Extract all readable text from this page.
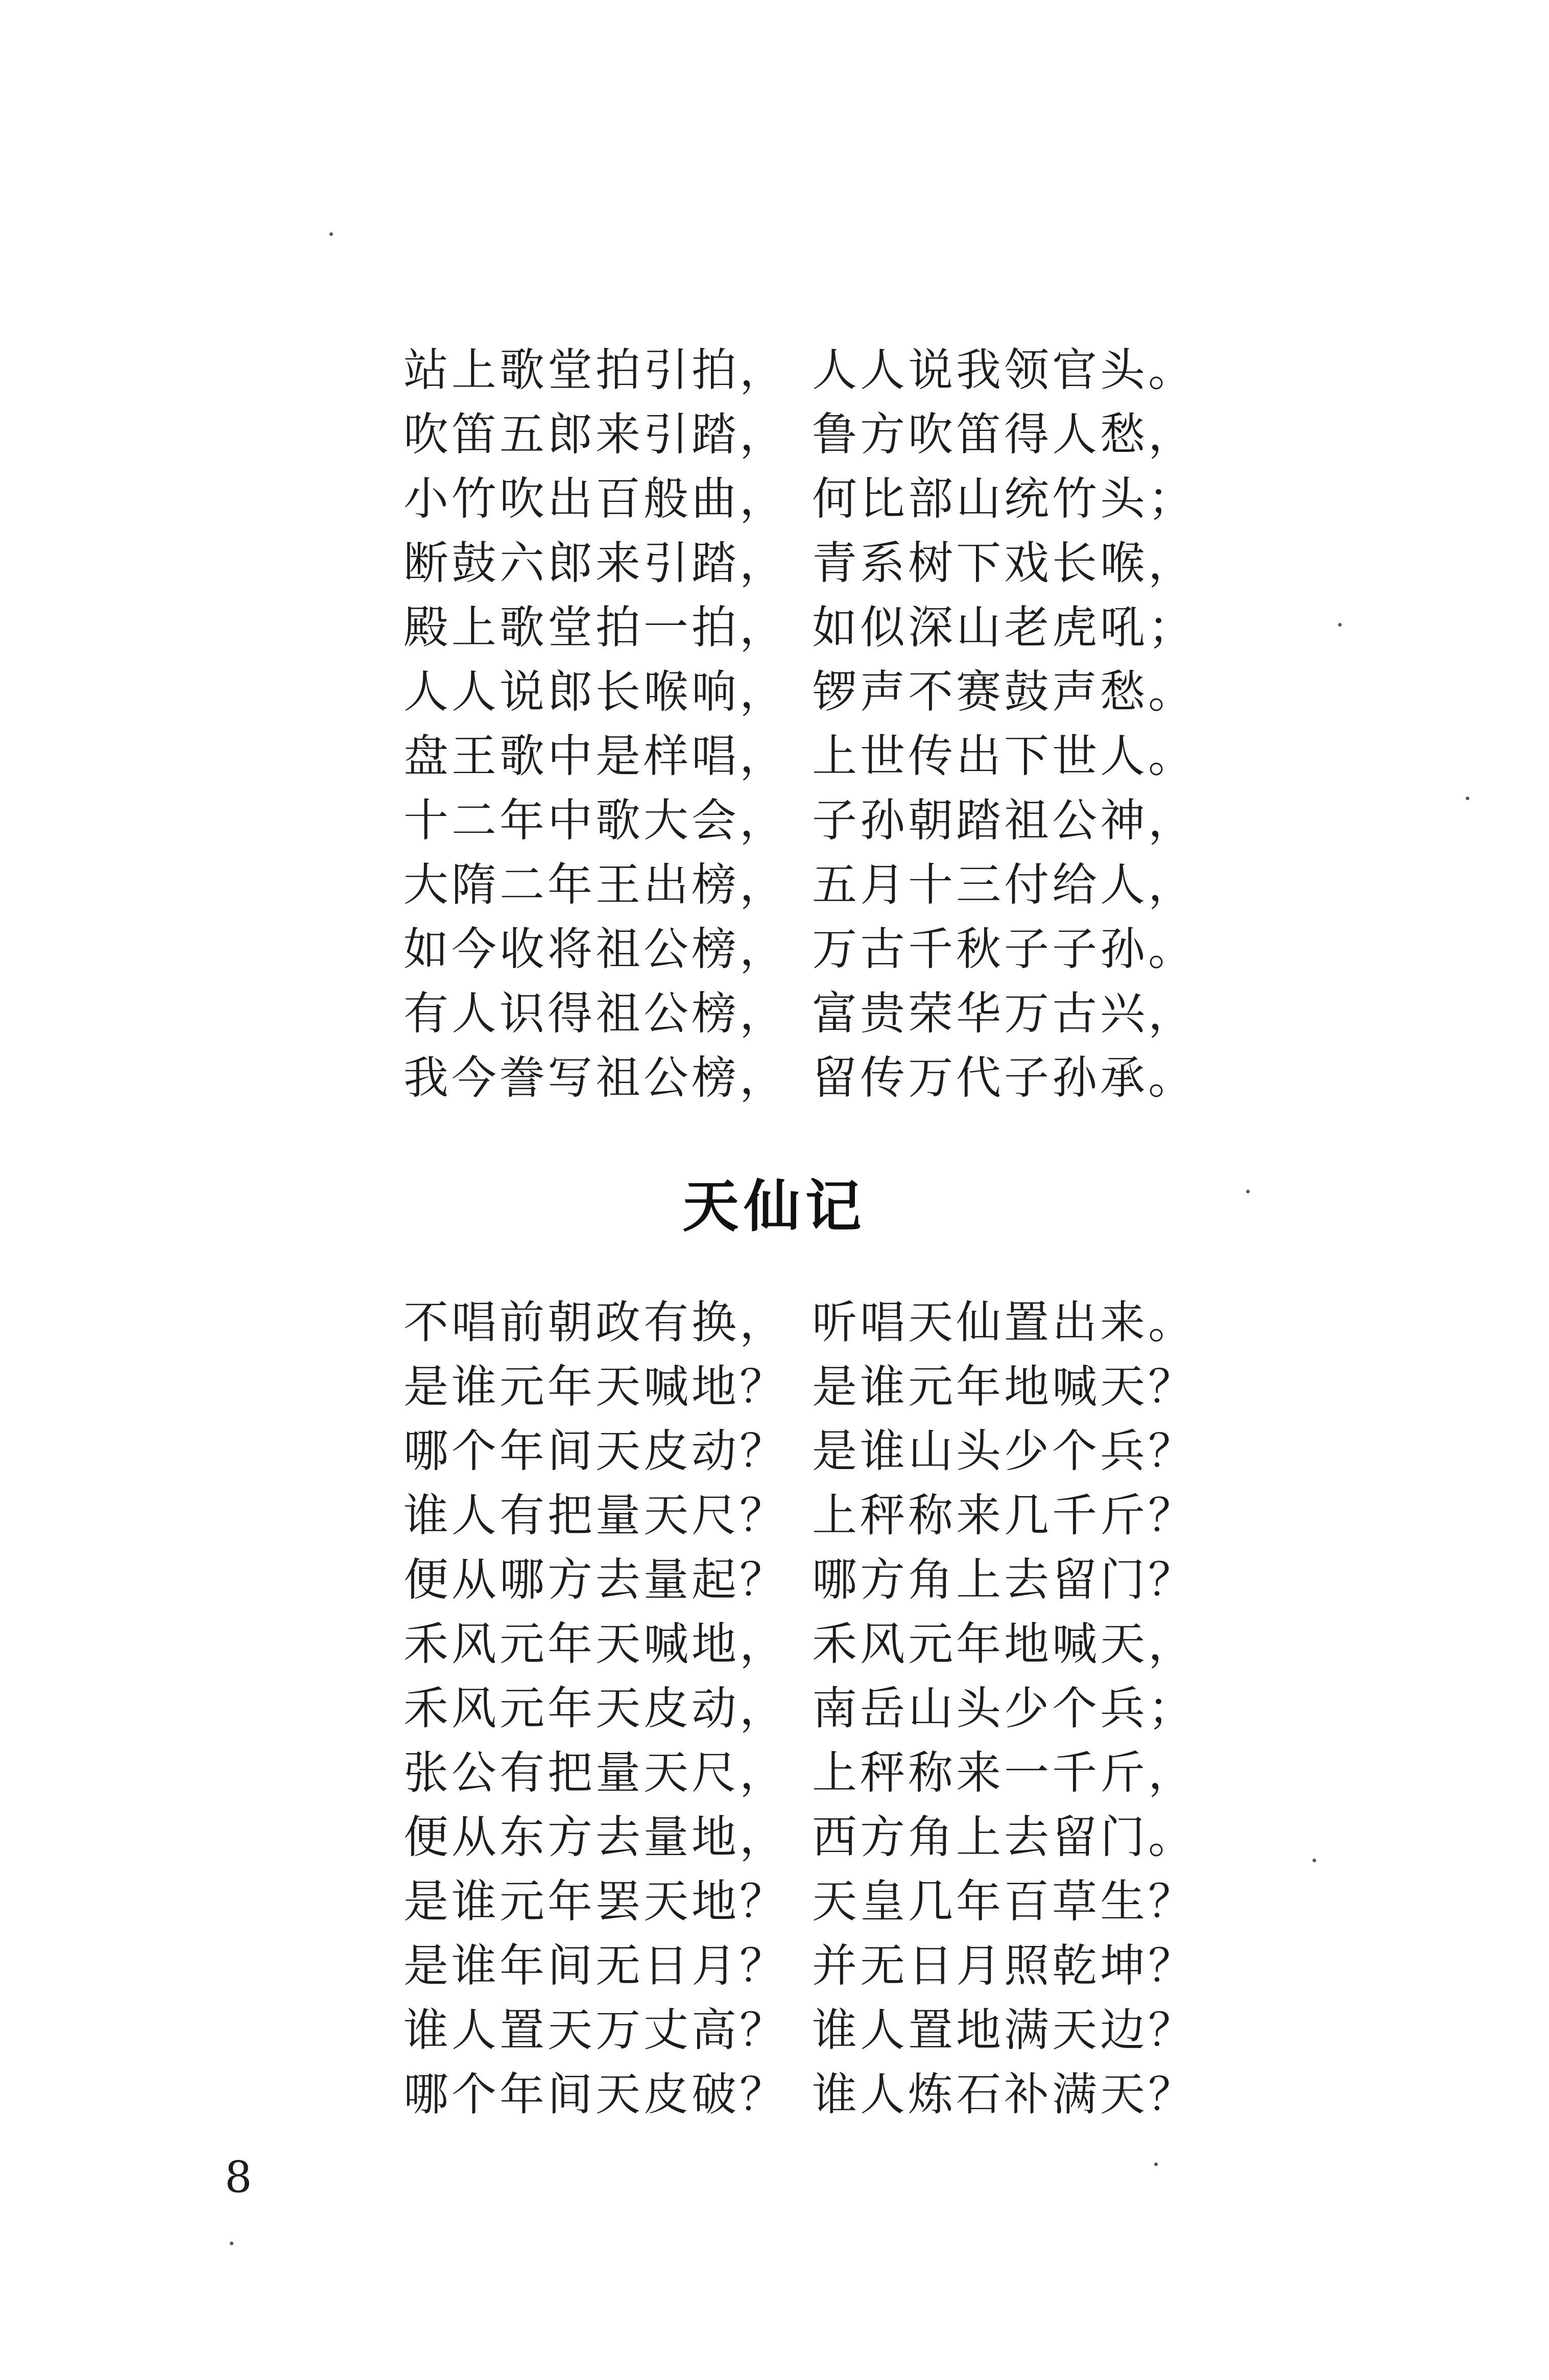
站上歌堂拍引拍， 人人说我领官头。
吹笛五郎来引踏， 鲁方吹笛得人愁，
小竹吹出百般曲， 何比部山统竹头；
断鼓六郎来引踏， 青系树下戏长喉，
殿上歌堂拍一拍， 如似深山老虎吼；
人人说郎长喉响， 锣声不赛鼓声愁。
盘王歌中是样唱， 上世传出下世人。
十二年中歌大会， 子孙朝踏祖公神，
大隋二年王出榜， 五月十三付给人，
如今收将祖公榜， 万古千秋子子孙。
有人识得祖公榜， 富贵荣华万古兴，
我今誊写祖公榜， 留传万代子孙承。
天仙记
不唱前朝政有换， 听唱天仙置出来。
是谁元年天喊地？ 是谁元年地喊天？
哪个年间天皮动？ 是谁山头少个兵？
谁人有把量天尺？ 上秤称来几千斤？
便从哪方去量起？ 哪方角上去留门？
禾风元年天喊地， 禾风元年地喊天，
禾风元年天皮动， 南岳山头少个兵；
张公有把量天尺， 上秤称来一千斤，
便从东方去量地， 西方角上去留门。
是谁元年罢天地？ 天皇几年百草生？
是谁年间无日月？ 并无日月照乾坤？
谁人置天万丈高？ 谁人置地满天边？
哪个年间天皮破？ 谁人炼石补满天？
8
